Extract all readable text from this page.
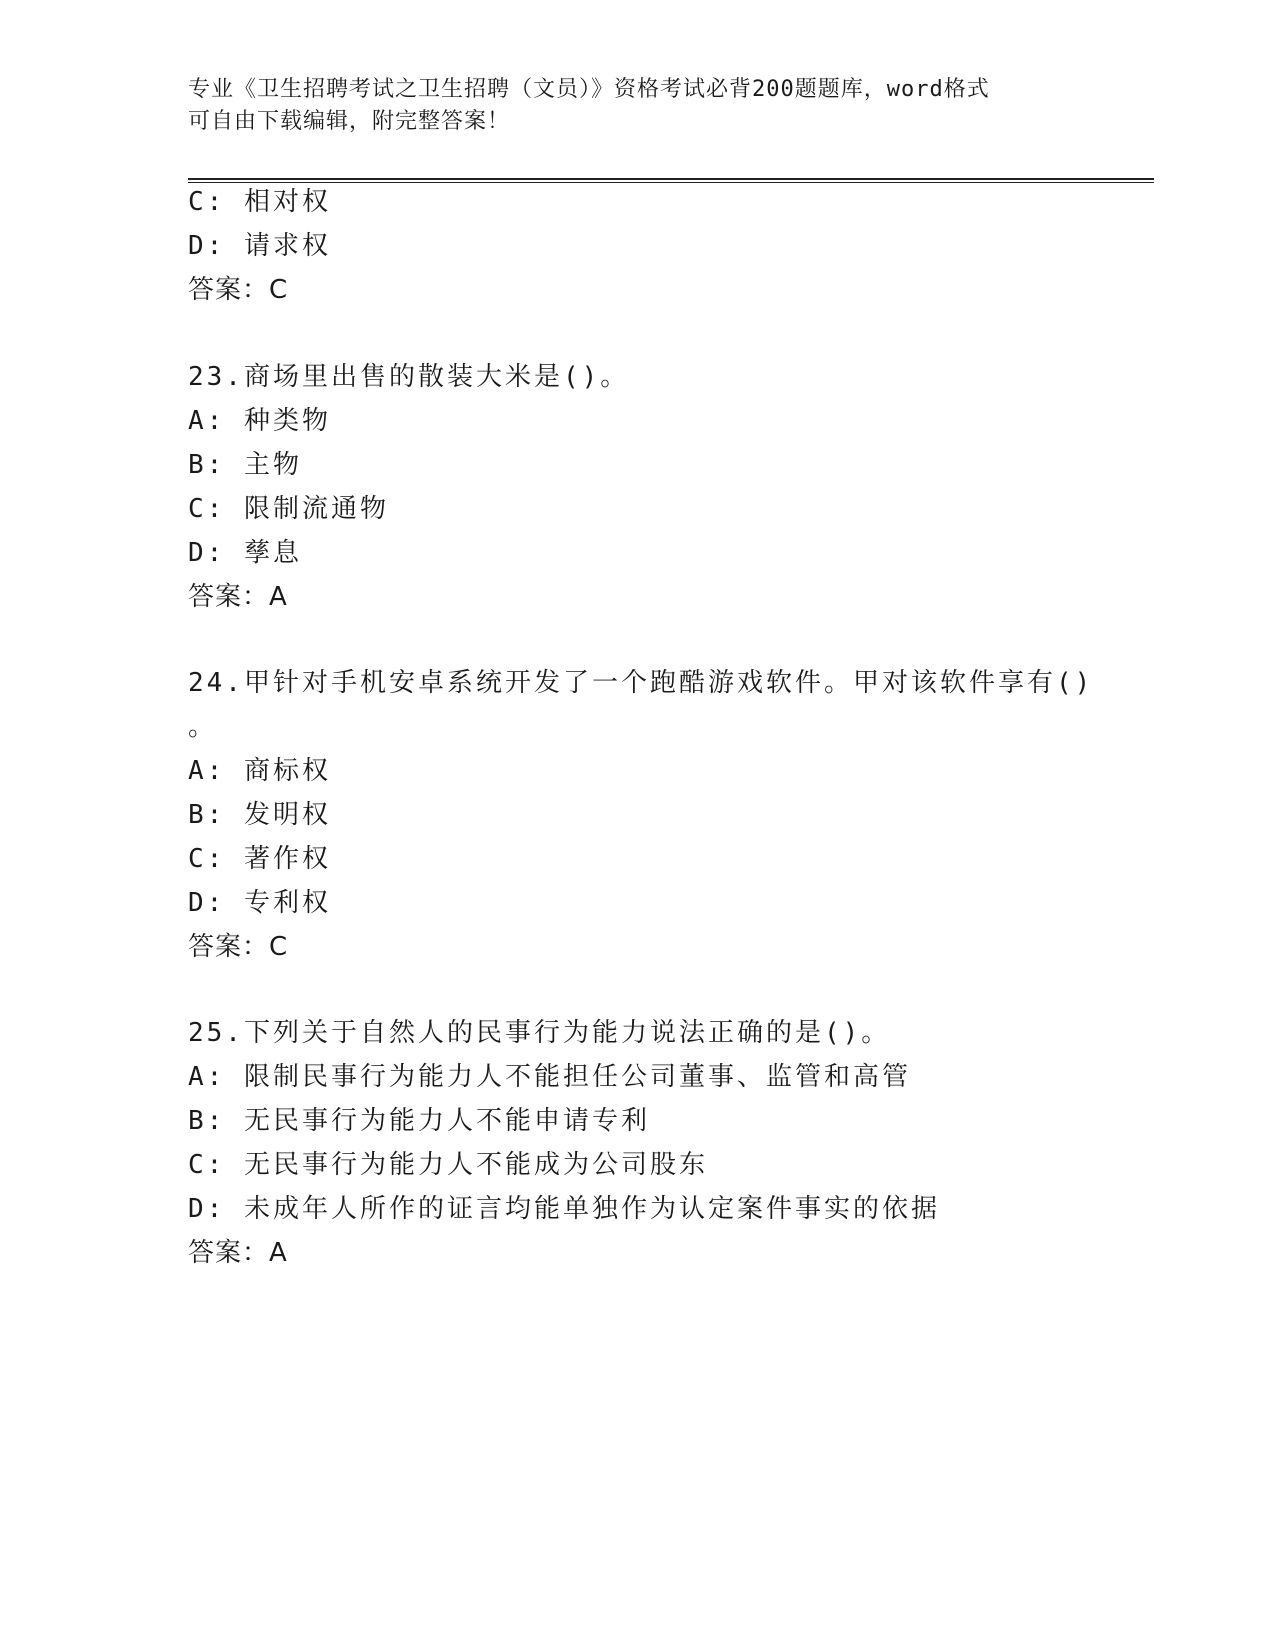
专业《卫生招聘考试之卫生招聘（文员）》资格考试必背200题题库，word格式
可自由下载编辑，附完整答案！
C: 相对权
D: 请求权
答案：C
23.商场里出售的散装大米是()。
A: 种类物
B: 主物
C: 限制流通物
D: 孳息
答案：A
24.甲针对手机安卓系统开发了一个跑酷游戏软件。甲对该软件享有()
。
A: 商标权
B: 发明权
C: 著作权
D: 专利权
答案：C
25.下列关于自然人的民事行为能力说法正确的是()。
A: 限制民事行为能力人不能担任公司董事、监管和高管
B: 无民事行为能力人不能申请专利
C: 无民事行为能力人不能成为公司股东
D: 未成年人所作的证言均能单独作为认定案件事实的依据
答案：A
